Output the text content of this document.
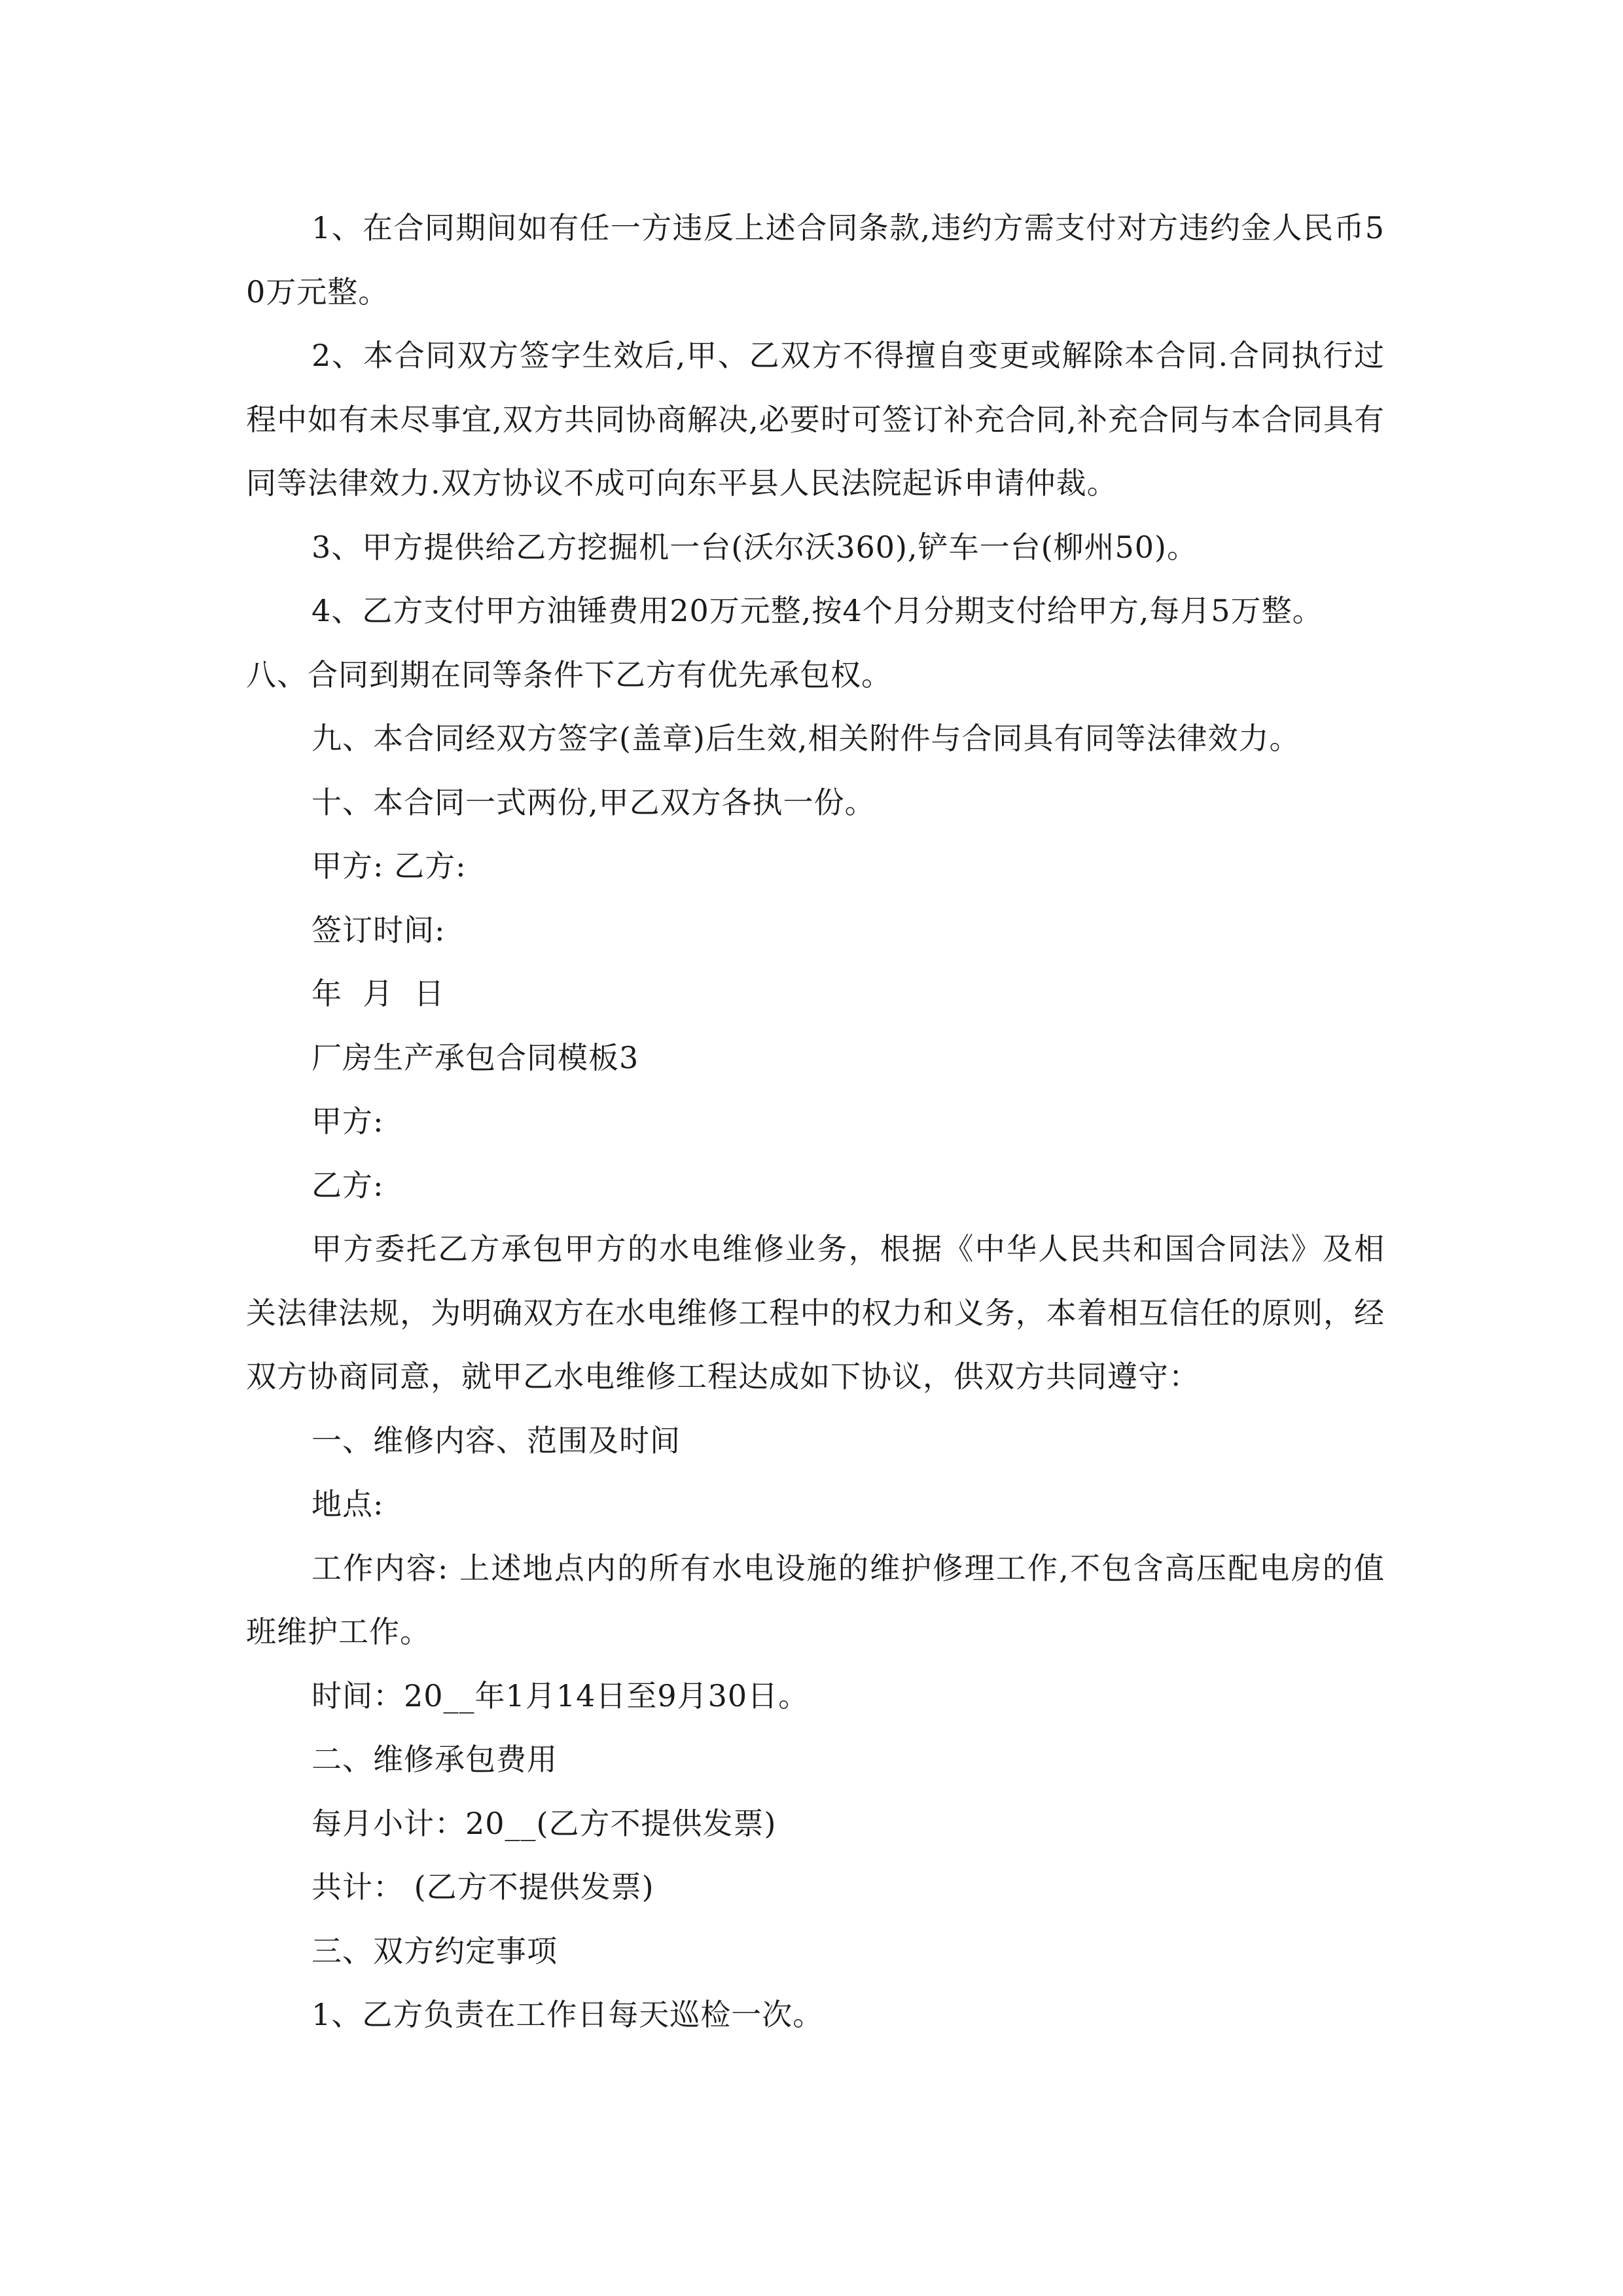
1、在合同期间如有任一方违反上述合同条款,违约方需支付对方违约金人民币50万元整。

2、本合同双方签字生效后,甲、乙双方不得擅自变更或解除本合同.合同执行过程中如有未尽事宜,双方共同协商解决,必要时可签订补充合同,补充合同与本合同具有同等法律效力.双方协议不成可向东平县人民法院起诉申请仲裁。

3、甲方提供给乙方挖掘机一台(沃尔沃360),铲车一台(柳州50)。

4、乙方支付甲方油锤费用20万元整,按4个月分期支付给甲方,每月5万整。

八、合同到期在同等条件下乙方有优先承包权。

九、本合同经双方签字(盖章)后生效,相关附件与合同具有同等法律效力。

十、本合同一式两份,甲乙双方各执一份。

甲方: 乙方:

签订时间:

年  月  日

厂房生产承包合同模板3

甲方:

乙方:

甲方委托乙方承包甲方的水电维修业务，根据《中华人民共和国合同法》及相关法律法规，为明确双方在水电维修工程中的权力和义务，本着相互信任的原则，经双方协商同意，就甲乙水电维修工程达成如下协议，供双方共同遵守：

一、维修内容、范围及时间

地点:

工作内容: 上述地点内的所有水电设施的维护修理工作,不包含高压配电房的值班维护工作。

时间：20__年1月14日至9月30日。

二、维修承包费用

每月小计：20__(乙方不提供发票)

共计： (乙方不提供发票)

三、双方约定事项

1、乙方负责在工作日每天巡检一次。
